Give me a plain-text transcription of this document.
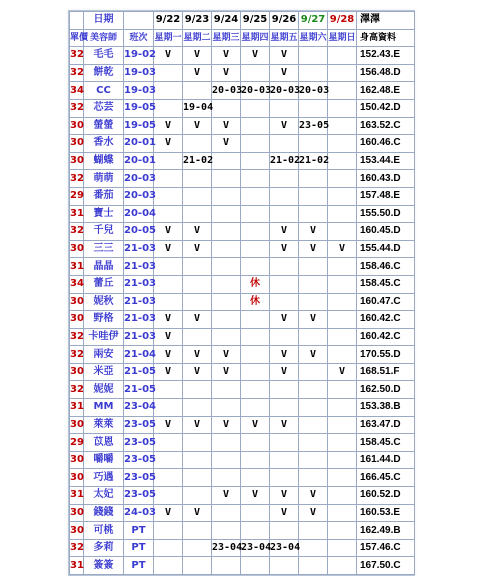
	日期		9/22	9/23	9/24	9/25	9/26	9/27	9/28	澤澤
單價	美容師	班次	星期一	星期二	星期三	星期四	星期五	星期六	星期日	身高資料
32	毛毛	19-02	V	V	V	V	V			152.43.E
32	餅乾	19-03		V	V		V			156.48.D
34	CC	19-03			20-03	20-03	20-03	20-03		162.48.E
32	芯芸	19-05		19-04						150.42.D
30	螢螢	19-05	V	V	V		V	23-05		163.52.C
30	香水	20-01	V		V					160.46.C
30	蝴蝶	20-01		21-02			21-02	21-02		153.44.E
32	萌萌	20-03								160.43.D
29	番茄	20-03								157.48.E
31	寶士	20-04								155.50.D
32	千兒	20-05	V	V			V	V		160.45.D
30	三三	21-03	V	V			V	V	V	155.44.D
31	晶晶	21-03								158.46.C
34	蕾丘	21-03				休				158.45.C
30	妮秋	21-03				休				160.47.C
30	野格	21-03	V	V			V	V		160.42.C
32	卡哇伊	21-03	V							160.42.C
32	兩安	21-04	V	V	V		V	V		170.55.D
30	米亞	21-05	V	V	V		V		V	168.51.F
32	妮妮	21-05								162.50.D
31	MM	23-04								153.38.B
30	萊萊	23-05	V	V	V	V	V			163.47.D
29	苡恩	23-05								158.45.C
30	嚼嚼	23-05								161.44.D
30	巧遇	23-05								166.45.C
31	太妃	23-05			V	V	V	V		160.52.D
30	錢錢	24-03	V	V			V	V		160.53.E
30	可桃	PT								162.49.B
32	多莉	PT			23-04	23-04	23-04			157.46.C
31	簽簽	PT								167.50.C
